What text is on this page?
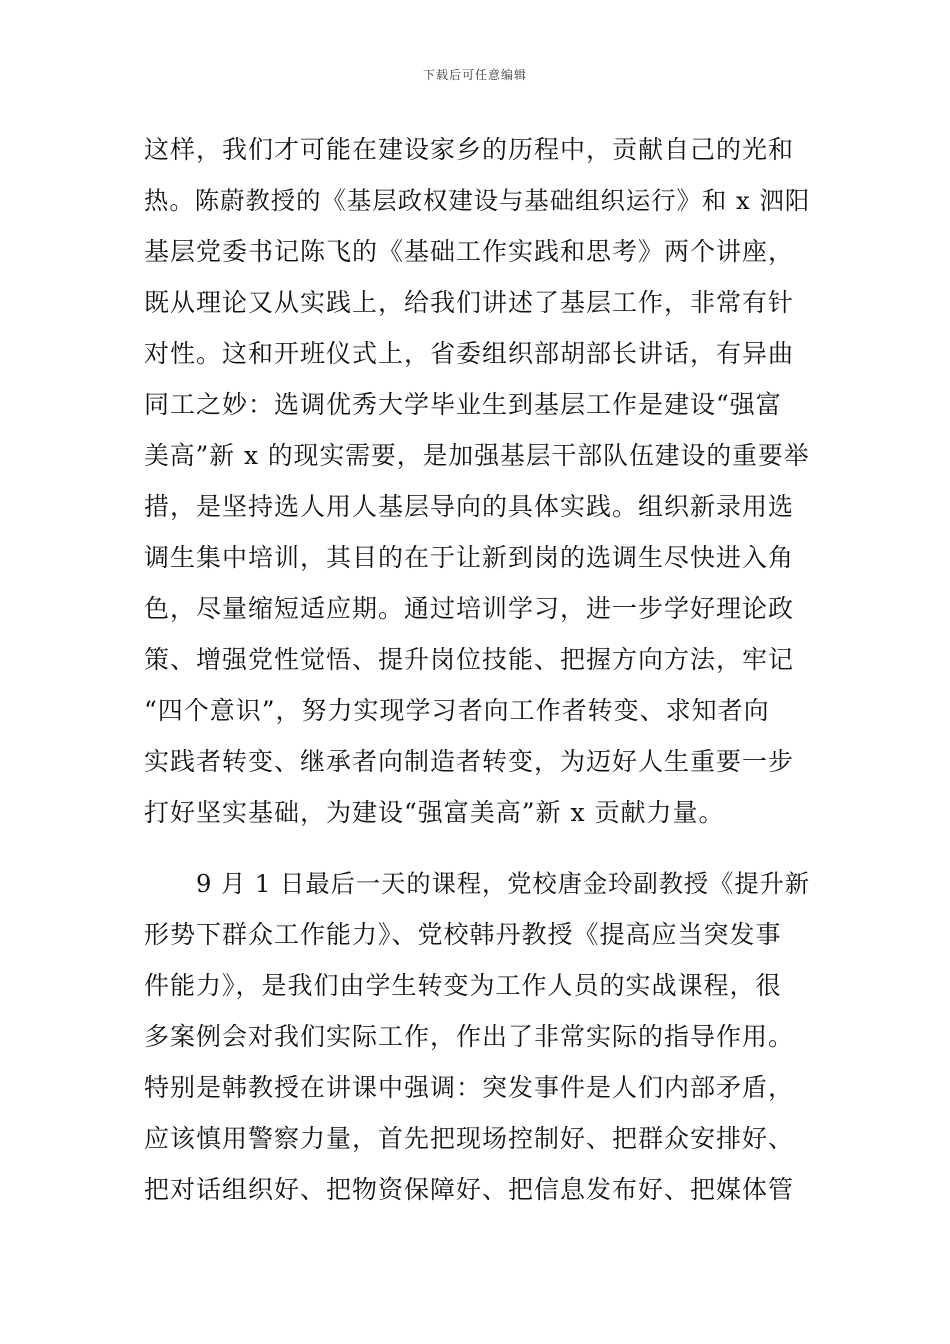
下载后可任意编辑
这样，我们才可能在建设家乡的历程中，贡献自己的光和
热。陈蔚教授的《基层政权建设与基础组织运行》和 x 泗阳
基层党委书记陈飞的《基础工作实践和思考》两个讲座，
既从理论又从实践上，给我们讲述了基层工作，非常有针
对性。这和开班仪式上，省委组织部胡部长讲话，有异曲
同工之妙：选调优秀大学毕业生到基层工作是建设“强富
美高”新 x 的现实需要，是加强基层干部队伍建设的重要举
措，是坚持选人用人基层导向的具体实践。组织新录用选
调生集中培训，其目的在于让新到岗的选调生尽快进入角
色，尽量缩短适应期。通过培训学习，进一步学好理论政
策、增强党性觉悟、提升岗位技能、把握方向方法，牢记
“四个意识”，努力实现学习者向工作者转变、求知者向
实践者转变、继承者向制造者转变，为迈好人生重要一步
打好坚实基础，为建设“强富美高”新 x 贡献力量。
9 月 1 日最后一天的课程，党校唐金玲副教授《提升新
形势下群众工作能力》、党校韩丹教授《提高应当突发事
件能力》，是我们由学生转变为工作人员的实战课程，很
多案例会对我们实际工作，作出了非常实际的指导作用。
特别是韩教授在讲课中强调：突发事件是人们内部矛盾，
应该慎用警察力量，首先把现场控制好、把群众安排好、
把对话组织好、把物资保障好、把信息发布好、把媒体管
